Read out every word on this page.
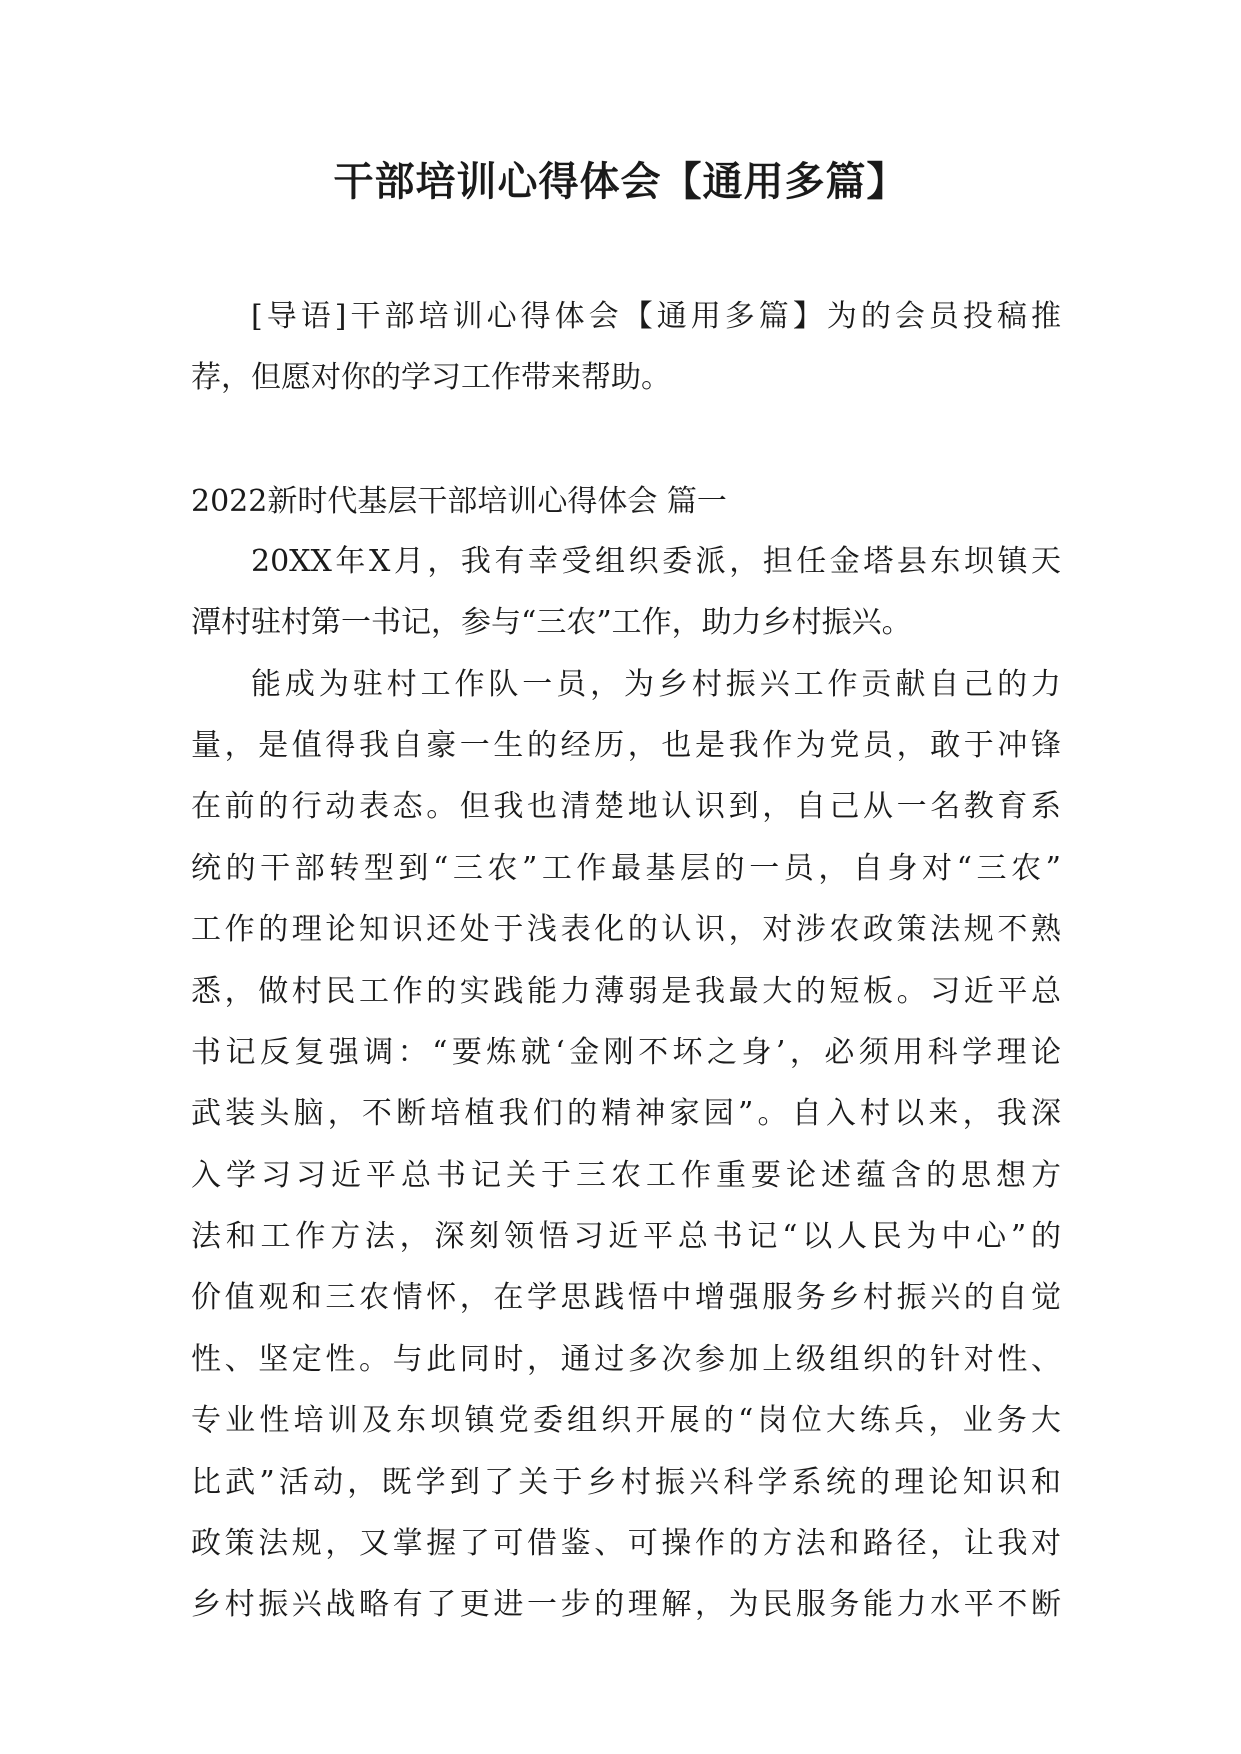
干部培训心得体会【通用多篇】
[导语]干部培训心得体会【通用多篇】为的会员投稿推
荐，但愿对你的学习工作带来帮助。
2022新时代基层干部培训心得体会 篇一
20XX年X月，我有幸受组织委派，担任金塔县东坝镇天
潭村驻村第一书记，参与“三农”工作，助力乡村振兴。
能成为驻村工作队一员，为乡村振兴工作贡献自己的力
量，是值得我自豪一生的经历，也是我作为党员，敢于冲锋
在前的行动表态。但我也清楚地认识到，自己从一名教育系
统的干部转型到“三农”工作最基层的一员，自身对“三农”
工作的理论知识还处于浅表化的认识，对涉农政策法规不熟
悉，做村民工作的实践能力薄弱是我最大的短板。习近平总
书记反复强调：“要炼就‘金刚不坏之身’，必须用科学理论
武装头脑，不断培植我们的精神家园”。自入村以来，我深
入学习习近平总书记关于三农工作重要论述蕴含的思想方
法和工作方法，深刻领悟习近平总书记“以人民为中心”的
价值观和三农情怀，在学思践悟中增强服务乡村振兴的自觉
性、坚定性。与此同时，通过多次参加上级组织的针对性、
专业性培训及东坝镇党委组织开展的“岗位大练兵，业务大
比武”活动，既学到了关于乡村振兴科学系统的理论知识和
政策法规，又掌握了可借鉴、可操作的方法和路径，让我对
乡村振兴战略有了更进一步的理解，为民服务能力水平不断
